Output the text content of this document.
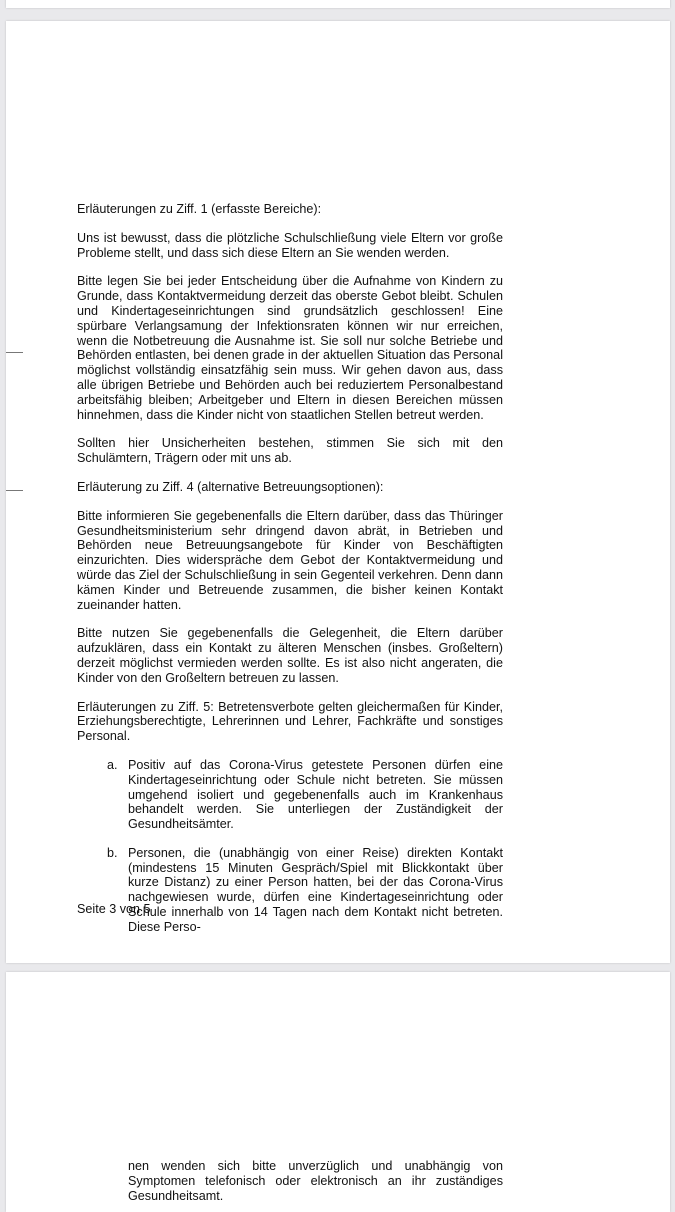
Erläuterungen zu Ziff. 1 (erfasste Bereiche):

Uns ist bewusst, dass die plötzliche Schulschließung viele Eltern vor große Probleme stellt, und dass sich diese Eltern an Sie wenden werden.

Bitte legen Sie bei jeder Entscheidung über die Aufnahme von Kindern zu Grunde, dass Kontaktvermeidung derzeit das oberste Gebot bleibt. Schulen und Kindertageseinrichtungen sind grundsätzlich geschlossen! Eine spürbare Verlangsamung der Infektionsraten können wir nur erreichen, wenn die Notbetreuung die Ausnahme ist. Sie soll nur solche Betriebe und Behörden entlasten, bei denen grade in der aktuellen Situation das Personal möglichst vollständig einsatzfähig sein muss. Wir gehen davon aus, dass alle übrigen Betriebe und Behörden auch bei reduziertem Personalbestand arbeitsfähig bleiben; Arbeitgeber und Eltern in diesen Bereichen müssen hinnehmen, dass die Kinder nicht von staatlichen Stellen betreut werden.

Sollten hier Unsicherheiten bestehen, stimmen Sie sich mit den Schulämtern, Trägern oder mit uns ab.

Erläuterung zu Ziff. 4 (alternative Betreuungsoptionen):

Bitte informieren Sie gegebenenfalls die Eltern darüber, dass das Thüringer Gesundheitsministerium sehr dringend davon abrät, in Betrieben und Behörden neue Betreuungsangebote für Kinder von Beschäftigten einzurichten. Dies widerspräche dem Gebot der Kontaktvermeidung und würde das Ziel der Schulschließung in sein Gegenteil verkehren. Denn dann kämen Kinder und Betreuende zusammen, die bisher keinen Kontakt zueinander hatten.

Bitte nutzen Sie gegebenenfalls die Gelegenheit, die Eltern darüber aufzuklären, dass ein Kontakt zu älteren Menschen (insbes. Großeltern) derzeit möglichst vermieden werden sollte. Es ist also nicht angeraten, die Kinder von den Großeltern betreuen zu lassen.

Erläuterungen zu Ziff. 5: Betretensverbote gelten gleichermaßen für Kinder, Erziehungsberechtigte, Lehrerinnen und Lehrer, Fachkräfte und sonstiges Personal.

a. Positiv auf das Corona-Virus getestete Personen dürfen eine Kindertageseinrichtung oder Schule nicht betreten. Sie müssen umgehend isoliert und gegebenenfalls auch im Krankenhaus behandelt werden. Sie unterliegen der Zuständigkeit der Gesundheitsämter.

b. Personen, die (unabhängig von einer Reise) direkten Kontakt (mindestens 15 Minuten Gespräch/Spiel mit Blickkontakt über kurze Distanz) zu einer Person hatten, bei der das Corona-Virus nachgewiesen wurde, dürfen eine Kindertageseinrichtung oder Schule innerhalb von 14 Tagen nach dem Kontakt nicht betreten. Diese Perso-

Seite 3 von 5

nen wenden sich bitte unverzüglich und unabhängig von Symptomen telefonisch oder elektronisch an ihr zuständiges Gesundheitsamt.
